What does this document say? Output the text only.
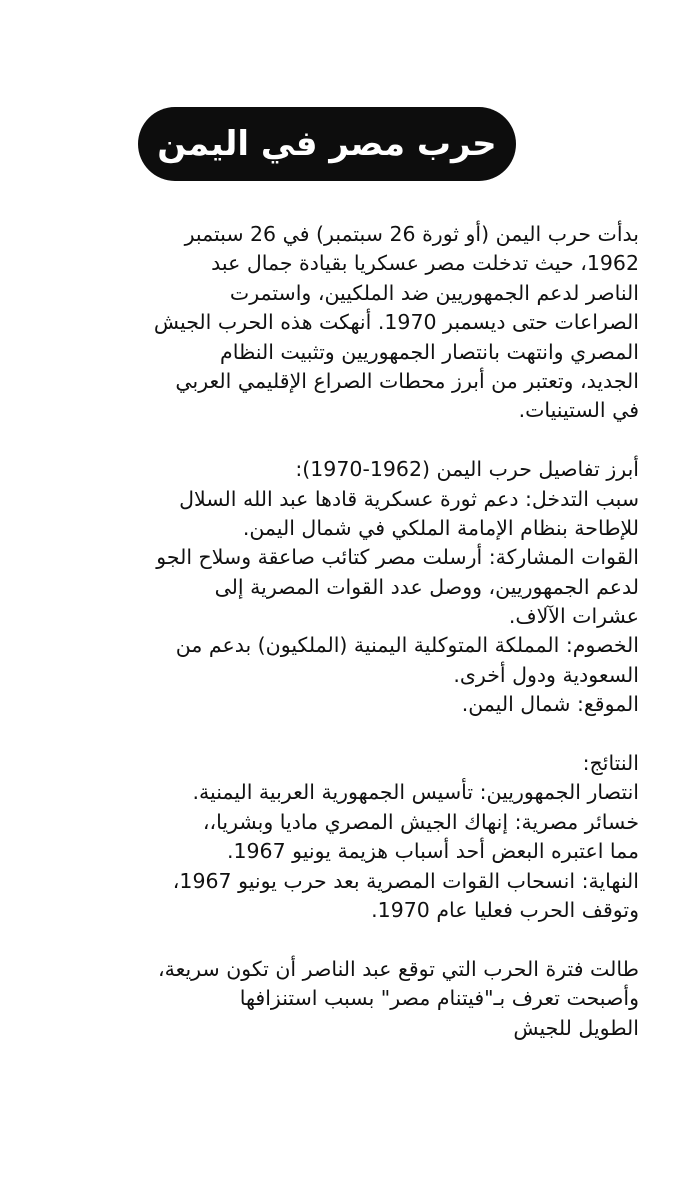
حرب مصر في اليمن
بدأت حرب اليمن (أو ثورة 26 سبتمبر) في 26 سبتمبر
1962، حيث تدخلت مصر عسكريا بقيادة جمال عبد
الناصر لدعم الجمهوريين ضد الملكيين، واستمرت
الصراعات حتى ديسمبر 1970. أنهكت هذه الحرب الجيش
المصري وانتهت بانتصار الجمهوريين وتثبيت النظام
الجديد، وتعتبر من أبرز محطات الصراع الإقليمي العربي
في الستينيات.
أبرز تفاصيل حرب اليمن (1962-1970):
سبب التدخل: دعم ثورة عسكرية قادها عبد الله السلال
للإطاحة بنظام الإمامة الملكي في شمال اليمن.
القوات المشاركة: أرسلت مصر كتائب صاعقة وسلاح الجو
لدعم الجمهوريين، ووصل عدد القوات المصرية إلى
عشرات الآلاف.
الخصوم: المملكة المتوكلية اليمنية (الملكيون) بدعم من
السعودية ودول أخرى.
الموقع: شمال اليمن.
النتائج:
انتصار الجمهوريين: تأسيس الجمهورية العربية اليمنية.
خسائر مصرية: إنهاك الجيش المصري ماديا وبشريا،،
مما اعتبره البعض أحد أسباب هزيمة يونيو 1967.
النهاية: انسحاب القوات المصرية بعد حرب يونيو 1967،
وتوقف الحرب فعليا عام 1970.
طالت فترة الحرب التي توقع عبد الناصر أن تكون سريعة،
وأصبحت تعرف بـ"فيتنام مصر" بسبب استنزافها
الطويل للجيش
